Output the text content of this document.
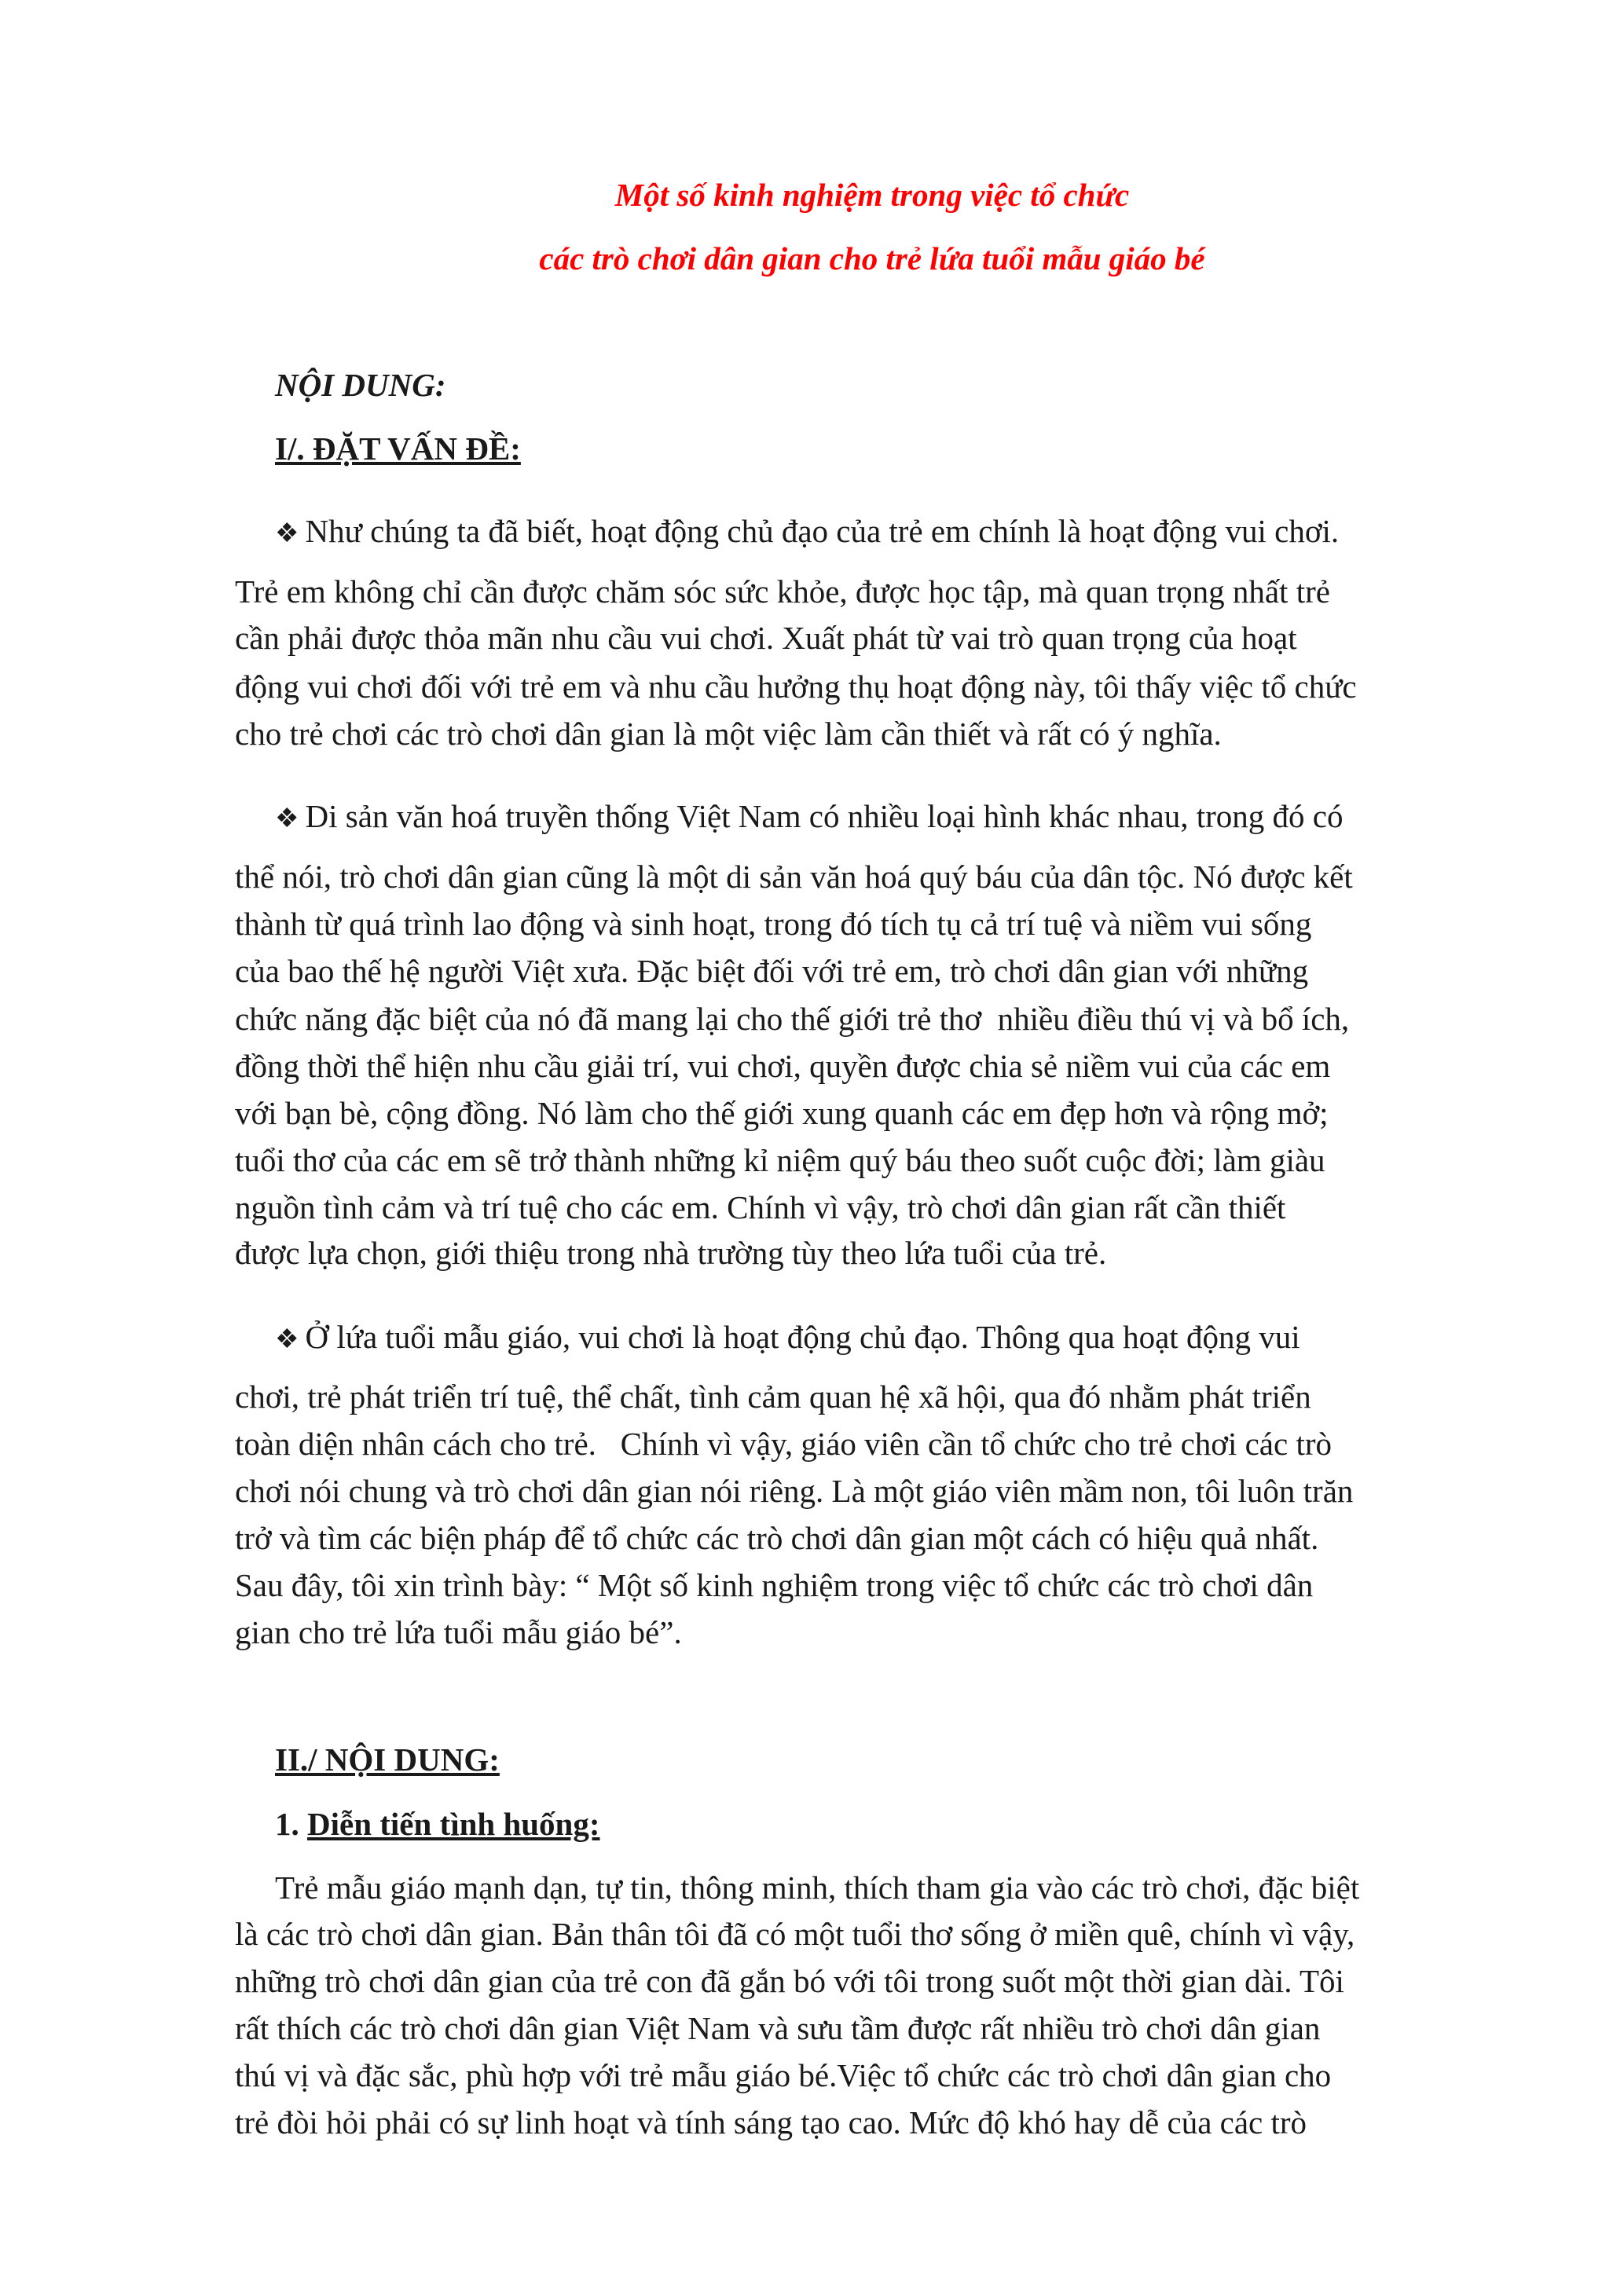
Một số kinh nghiệm trong việc tổ chức
các trò chơi dân gian cho trẻ lứa tuổi mẫu giáo bé
NỘI DUNG:
I/. ĐẶT VẤN ĐỀ:
❖ Như chúng ta đã biết, hoạt động chủ đạo của trẻ em chính là hoạt động vui chơi.
Trẻ em không chỉ cần được chăm sóc sức khỏe, được học tập, mà quan trọng nhất trẻ
cần phải được thỏa mãn nhu cầu vui chơi. Xuất phát từ vai trò quan trọng của hoạt
động vui chơi đối với trẻ em và nhu cầu hưởng thụ hoạt động này, tôi thấy việc tổ chức
cho trẻ chơi các trò chơi dân gian là một việc làm cần thiết và rất có ý nghĩa.
❖ Di sản văn hoá truyền thống Việt Nam có nhiều loại hình khác nhau, trong đó có
thể nói, trò chơi dân gian cũng là một di sản văn hoá quý báu của dân tộc. Nó được kết
thành từ quá trình lao động và sinh hoạt, trong đó tích tụ cả trí tuệ và niềm vui sống
của bao thế hệ người Việt xưa. Đặc biệt đối với trẻ em, trò chơi dân gian với những
chức năng đặc biệt của nó đã mang lại cho thế giới trẻ thơ  nhiều điều thú vị và bổ ích,
đồng thời thể hiện nhu cầu giải trí, vui chơi, quyền được chia sẻ niềm vui của các em
với bạn bè, cộng đồng. Nó làm cho thế giới xung quanh các em đẹp hơn và rộng mở;
tuổi thơ của các em sẽ trở thành những kỉ niệm quý báu theo suốt cuộc đời; làm giàu
nguồn tình cảm và trí tuệ cho các em. Chính vì vậy, trò chơi dân gian rất cần thiết
được lựa chọn, giới thiệu trong nhà trường tùy theo lứa tuổi của trẻ.
❖ Ở lứa tuổi mẫu giáo, vui chơi là hoạt động chủ đạo. Thông qua hoạt động vui
chơi, trẻ phát triển trí tuệ, thể chất, tình cảm quan hệ xã hội, qua đó nhằm phát triển
toàn diện nhân cách cho trẻ.   Chính vì vậy, giáo viên cần tổ chức cho trẻ chơi các trò
chơi nói chung và trò chơi dân gian nói riêng. Là một giáo viên mầm non, tôi luôn trăn
trở và tìm các biện pháp để tổ chức các trò chơi dân gian một cách có hiệu quả nhất.
Sau đây, tôi xin trình bày: “ Một số kinh nghiệm trong việc tổ chức các trò chơi dân
gian cho trẻ lứa tuổi mẫu giáo bé”.
II./ NỘI DUNG:
1. Diễn tiến tình huống:
Trẻ mẫu giáo mạnh dạn, tự tin, thông minh, thích tham gia vào các trò chơi, đặc biệt
là các trò chơi dân gian. Bản thân tôi đã có một tuổi thơ sống ở miền quê, chính vì vậy,
những trò chơi dân gian của trẻ con đã gắn bó với tôi trong suốt một thời gian dài. Tôi
rất thích các trò chơi dân gian Việt Nam và sưu tầm được rất nhiều trò chơi dân gian
thú vị và đặc sắc, phù hợp với trẻ mẫu giáo bé.Việc tổ chức các trò chơi dân gian cho
trẻ đòi hỏi phải có sự linh hoạt và tính sáng tạo cao. Mức độ khó hay dễ của các trò
